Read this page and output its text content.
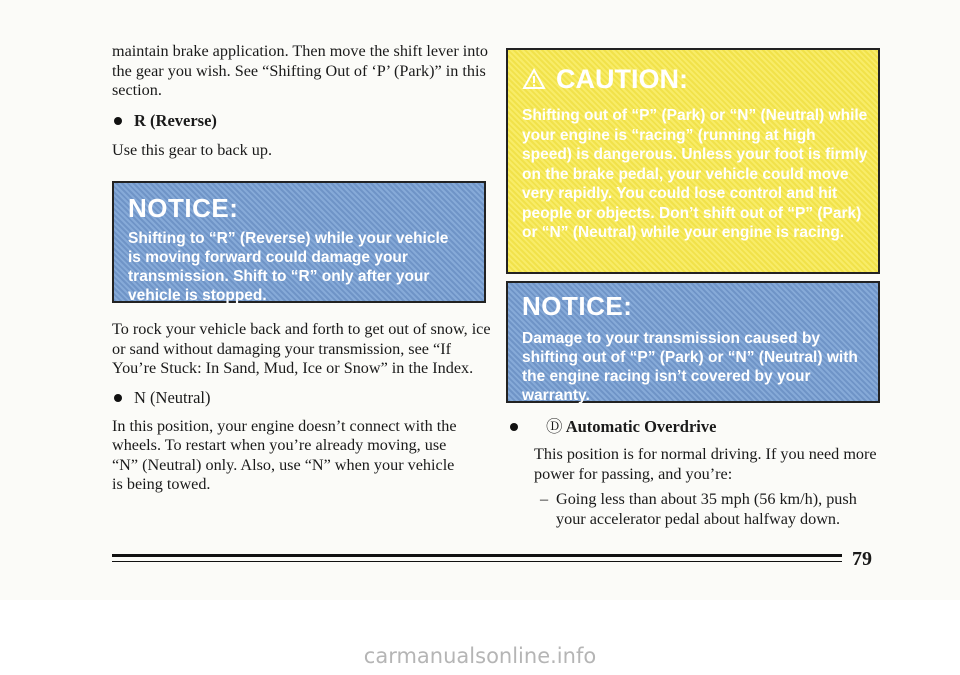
maintain brake application. Then move the shift lever into the gear you wish. See “Shifting Out of ‘P’ (Park)” in this section.

R (Reverse)

Use this gear to back up.

NOTICE:
Shifting to “R” (Reverse) while your vehicle is moving forward could damage your transmission. Shift to “R” only after your vehicle is stopped.

To rock your vehicle back and forth to get out of snow, ice or sand without damaging your transmission, see “If You’re Stuck: In Sand, Mud, Ice or Snow” in the Index.

N (Neutral)

In this position, your engine doesn’t connect with the wheels. To restart when you’re already moving, use “N” (Neutral) only. Also, use “N” when your vehicle is being towed.

CAUTION:
Shifting out of “P” (Park) or “N” (Neutral) while your engine is “racing” (running at high speed) is dangerous. Unless your foot is firmly on the brake pedal, your vehicle could move very rapidly. You could lose control and hit people or objects. Don’t shift out of “P” (Park) or “N” (Neutral) while your engine is racing.
NOTICE:
Damage to your transmission caused by shifting out of “P” (Park) or “N” (Neutral) with the engine racing isn’t covered by your warranty.
Ⓓ Automatic Overdrive

This position is for normal driving. If you need more power for passing, and you’re:

– Going less than about 35 mph (56 km/h), push your accelerator pedal about halfway down.
79
carmanualsonline.info
